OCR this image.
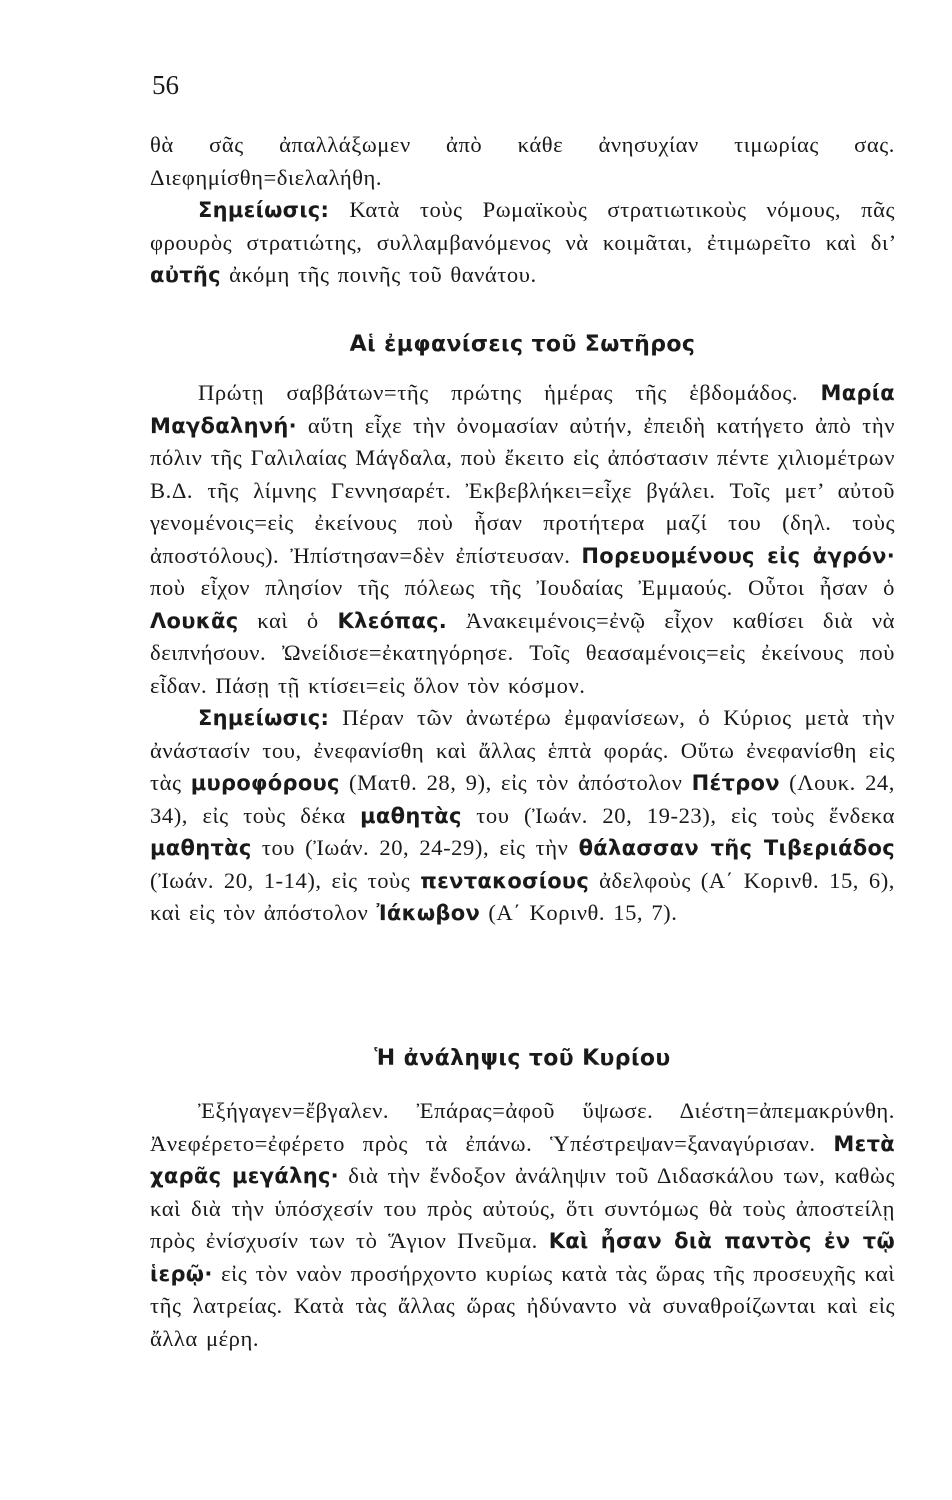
56

θὰ σᾶς ἀπαλλάξωμεν ἀπὸ κάθε ἀνησυχίαν τιμωρίας σας. Διεφημίσθη=διελαλήθη.

Σημείωσις: Κατὰ τοὺς Ρωμαϊκοὺς στρατιωτικοὺς νόμους, πᾶς φρουρὸς στρατιώτης, συλλαμβανόμενος νὰ κοιμᾶται, ἐτιμωρεῖτο καὶ δι’ αὐτῆς ἀκόμη τῆς ποινῆς τοῦ θανάτου.

Αἱ ἐμφανίσεις τοῦ Σωτῆρος

Πρώτῃ σαββάτων=τῆς πρώτης ἡμέρας τῆς ἑβδομάδος. Μαρία Μαγδαληνή· αὕτη εἶχε τὴν ὀνομασίαν αὐτήν, ἐπειδὴ κατήγετο ἀπὸ τὴν πόλιν τῆς Γαλιλαίας Μάγδαλα, ποὺ ἔκειτο εἰς ἀπόστασιν πέντε χιλιομέτρων Β.Δ. τῆς λίμνης Γεννησαρέτ. Ἐκβεβλήκει=εἶχε βγάλει. Τοῖς μετ’ αὐτοῦ γενομένοις=εἰς ἐκείνους ποὺ ἦσαν προτήτερα μαζί του (δηλ. τοὺς ἀποστόλους). Ἠπίστησαν=δὲν ἐπίστευσαν. Πορευομένους εἰς ἀγρόν· ποὺ εἶχον πλησίον τῆς πόλεως τῆς Ἰουδαίας Ἐμμαούς. Οὗτοι ἦσαν ὁ Λουκᾶς καὶ ὁ Κλεόπας. Ἀνακειμένοις=ἐνῷ εἶχον καθίσει διὰ νὰ δειπνήσουν. Ὠνείδισε=ἐκατηγόρησε. Τοῖς θεασαμένοις=εἰς ἐκείνους ποὺ εἶδαν. Πάσῃ τῇ κτίσει=εἰς ὅλον τὸν κόσμον.

Σημείωσις: Πέραν τῶν ἀνωτέρω ἐμφανίσεων, ὁ Κύριος μετὰ τὴν ἀνάστασίν του, ἐνεφανίσθη καὶ ἄλλας ἑπτὰ φοράς. Οὕτω ἐνεφανίσθη εἰς τὰς μυροφόρους (Ματθ. 28, 9), εἰς τὸν ἀπόστολον Πέτρον (Λουκ. 24, 34), εἰς τοὺς δέκα μαθητὰς του (Ἰωάν. 20, 19-23), εἰς τοὺς ἕνδεκα μαθητὰς του (Ἰωάν. 20, 24-29), εἰς τὴν θάλασσαν τῆς Τιβεριάδος (Ἰωάν. 20, 1-14), εἰς τοὺς πεντακοσίους ἀδελφοὺς (Α΄ Κορινθ. 15, 6), καὶ εἰς τὸν ἀπόστολον Ἰάκωβον (Α΄ Κορινθ. 15, 7).

Ἡ ἀνάληψις τοῦ Κυρίου

Ἐξήγαγεν=ἔβγαλεν. Ἐπάρας=ἀφοῦ ὕψωσε. Διέστη=ἀπεμακρύνθη. Ἀνεφέρετο=ἐφέρετο πρὸς τὰ ἐπάνω. Ὑπέστρεψαν=ξαναγύρισαν. Μετὰ χαρᾶς μεγάλης· διὰ τὴν ἔνδοξον ἀνάληψιν τοῦ Διδασκάλου των, καθὼς καὶ διὰ τὴν ὑπόσχεσίν του πρὸς αὐτούς, ὅτι συντόμως θὰ τοὺς ἀποστείλῃ πρὸς ἐνίσχυσίν των τὸ Ἅγιον Πνεῦμα. Καὶ ἦσαν διὰ παντὸς ἐν τῷ ἱερῷ· εἰς τὸν ναὸν προσήρχοντο κυρίως κατὰ τὰς ὥρας τῆς προσευχῆς καὶ τῆς λατρείας. Κατὰ τὰς ἄλλας ὥρας ἠδύναντο νὰ συναθροίζωνται καὶ εἰς ἄλλα μέρη.
